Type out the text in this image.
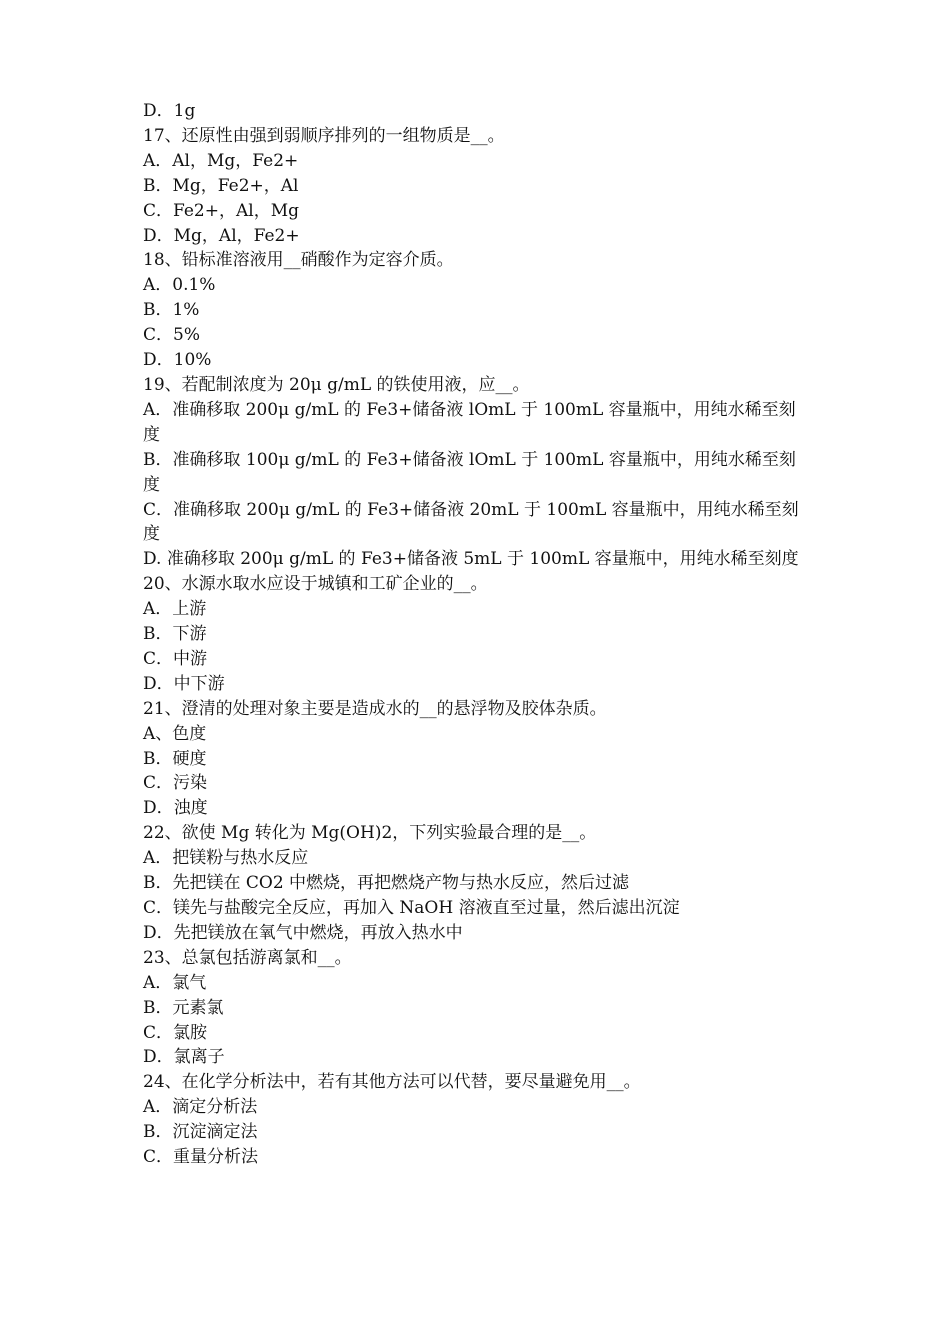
D．1g

17、还原性由强到弱顺序排列的一组物质是__。

A．Al，Mg，Fe2+

B．Mg，Fe2+，Al

C．Fe2+，Al，Mg

D．Mg，Al，Fe2+

18、铅标准溶液用__硝酸作为定容介质。

A．0.1%

B．1%

C．5%

D．10%

19、若配制浓度为 20μ g/mL 的铁使用液，应__。

A．准确移取 200μ g/mL 的 Fe3+储备液 lOmL 于 100mL 容量瓶中，用纯水稀至刻度

B．准确移取 100μ g/mL 的 Fe3+储备液 lOmL 于 100mL 容量瓶中，用纯水稀至刻度

C．准确移取 200μ g/mL 的 Fe3+储备液 20mL 于 100mL 容量瓶中，用纯水稀至刻度

D. 准确移取 200μ g/mL 的 Fe3+储备液 5mL 于 100mL 容量瓶中，用纯水稀至刻度

20、水源水取水应设于城镇和工矿企业的__。

A．上游

B．下游

C．中游

D．中下游

21、澄清的处理对象主要是造成水的__的悬浮物及胶体杂质。

A、色度

B．硬度

C．污染

D．浊度

22、欲使 Mg 转化为 Mg(OH)2，下列实验最合理的是__。

A．把镁粉与热水反应

B．先把镁在 CO2 中燃烧，再把燃烧产物与热水反应，然后过滤

C．镁先与盐酸完全反应，再加入 NaOH 溶液直至过量，然后滤出沉淀

D．先把镁放在氧气中燃烧，再放入热水中

23、总氯包括游离氯和__。

A．氯气

B．元素氯

C．氯胺

D．氯离子

24、在化学分析法中，若有其他方法可以代替，要尽量避免用__。

A．滴定分析法

B．沉淀滴定法

C．重量分析法
